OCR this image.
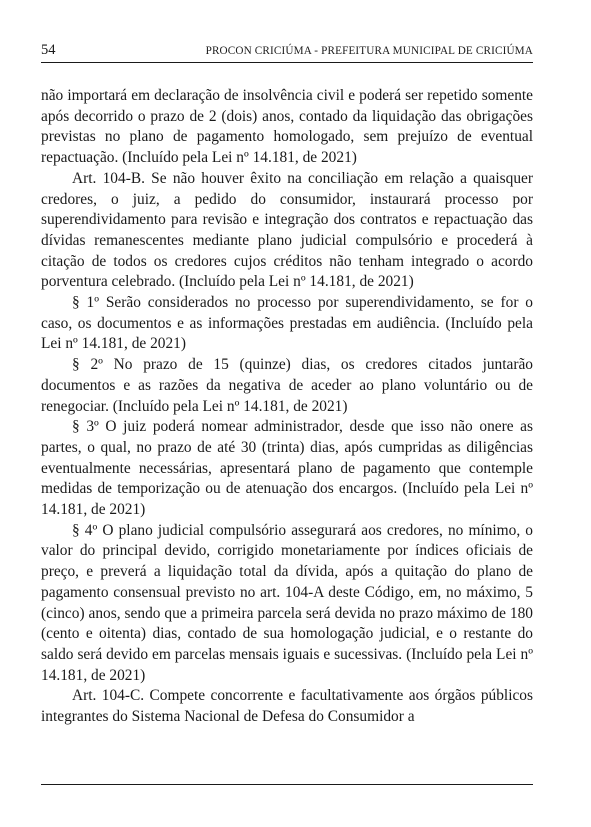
54	PROCON CRICIÚMA - PREFEITURA MUNICIPAL DE CRICIÚMA

não importará em declaração de insolvência civil e poderá ser repetido somente após decorrido o prazo de 2 (dois) anos, contado da liquidação das obrigações previstas no plano de pagamento homologado, sem prejuízo de eventual repactuação. (Incluído pela Lei nº 14.181, de 2021)

Art. 104-B. Se não houver êxito na conciliação em relação a quaisquer credores, o juiz, a pedido do consumidor, instaurará processo por superendividamento para revisão e integração dos contratos e repactuação das dívidas remanescentes mediante plano judicial compulsório e procederá à citação de todos os credores cujos créditos não tenham integrado o acordo porventura celebrado. (Incluído pela Lei nº 14.181, de 2021)

§ 1º Serão considerados no processo por superendividamento, se for o caso, os documentos e as informações prestadas em audiência. (Incluído pela Lei nº 14.181, de 2021)

§ 2º No prazo de 15 (quinze) dias, os credores citados juntarão documentos e as razões da negativa de aceder ao plano voluntário ou de renegociar. (Incluído pela Lei nº 14.181, de 2021)

§ 3º O juiz poderá nomear administrador, desde que isso não onere as partes, o qual, no prazo de até 30 (trinta) dias, após cumpridas as diligências eventualmente necessárias, apresentará plano de pagamento que contemple medidas de temporização ou de atenuação dos encargos. (Incluído pela Lei nº 14.181, de 2021)

§ 4º O plano judicial compulsório assegurará aos credores, no mínimo, o valor do principal devido, corrigido monetariamente por índices oficiais de preço, e preverá a liquidação total da dívida, após a quitação do plano de pagamento consensual previsto no art. 104-A deste Código, em, no máximo, 5 (cinco) anos, sendo que a primeira parcela será devida no prazo máximo de 180 (cento e oitenta) dias, contado de sua homologação judicial, e o restante do saldo será devido em parcelas mensais iguais e sucessivas. (Incluído pela Lei nº 14.181, de 2021)

Art. 104-C. Compete concorrente e facultativamente aos órgãos públicos integrantes do Sistema Nacional de Defesa do Consumidor a
